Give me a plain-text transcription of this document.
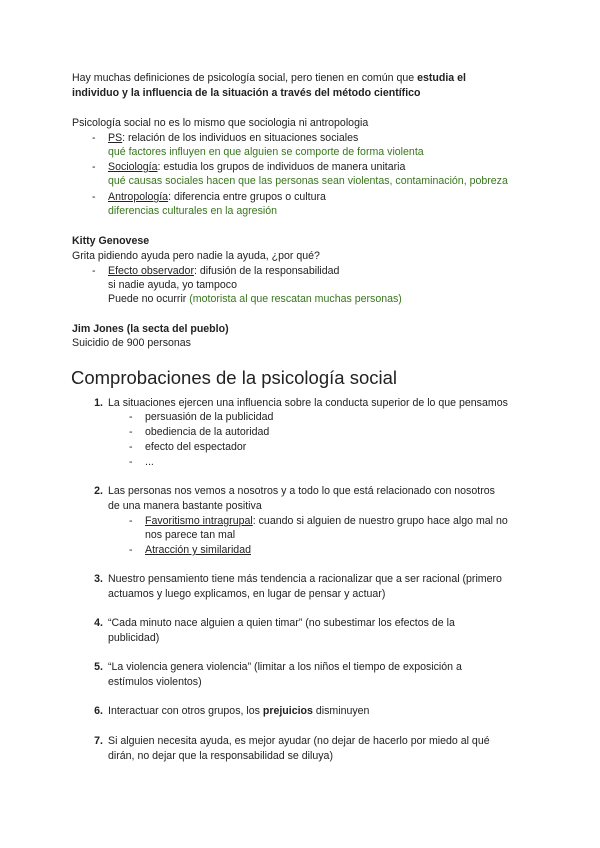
Hay muchas definiciones de psicología social, pero tienen en común que estudia el individuo y la influencia de la situación a través del método científico

Psicología social no es lo mismo que sociologia ni antropologia
- PS: relación de los individuos en situaciones sociales
qué factores influyen en que alguien se comporte de forma violenta
- Sociología: estudia los grupos de individuos de manera unitaria
qué causas sociales hacen que las personas sean violentas, contaminación, pobreza
- Antropología: diferencia entre grupos o cultura
diferencias culturales en la agresión
Kitty Genovese
Grita pidiendo ayuda pero nadie la ayuda, ¿por qué?
- Efecto observador: difusión de la responsabilidad
si nadie ayuda, yo tampoco
Puede no ocurrir (motorista al que rescatan muchas personas)
Jim Jones (la secta del pueblo)
Suicidio de 900 personas
Comprobaciones de la psicología social
1. La situaciones ejercen una influencia sobre la conducta superior de lo que pensamos
- persuasión de la publicidad
- obediencia de la autoridad
- efecto del espectador
- ...
2. Las personas nos vemos a nosotros y a todo lo que está relacionado con nosotros
de una manera bastante positiva
- Favoritismo intragrupal: cuando si alguien de nuestro grupo hace algo mal no
nos parece tan mal
- Atracción y similaridad
3. Nuestro pensamiento tiene más tendencia a racionalizar que a ser racional (primero
actuamos y luego explicamos, en lugar de pensar y actuar)
4. “Cada minuto nace alguien a quien timar” (no subestimar los efectos de la
publicidad)
5. “La violencia genera violencia” (limitar a los niños el tiempo de exposición a
estímulos violentos)
6. Interactuar con otros grupos, los prejuicios disminuyen
7. Si alguien necesita ayuda, es mejor ayudar (no dejar de hacerlo por miedo al qué
dirán, no dejar que la responsabilidad se diluya)
